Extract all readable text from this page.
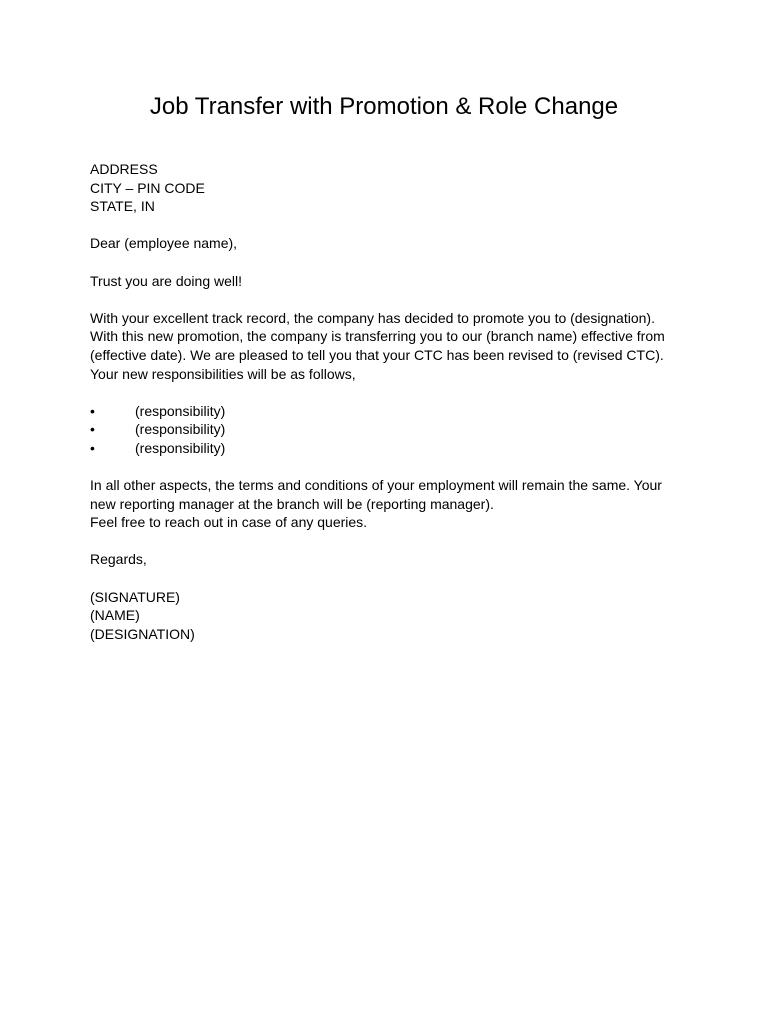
Job Transfer with Promotion & Role Change
ADDRESS
CITY – PIN CODE
STATE, IN
Dear (employee name),
Trust you are doing well!
With your excellent track record, the company has decided to promote you to (designation).
With this new promotion, the company is transferring you to our (branch name) effective from
(effective date). We are pleased to tell you that your CTC has been revised to (revised CTC).
Your new responsibilities will be as follows,
•	(responsibility)
•	(responsibility)
•	(responsibility)
In all other aspects, the terms and conditions of your employment will remain the same. Your
new reporting manager at the branch will be (reporting manager).
Feel free to reach out in case of any queries.
Regards,
(SIGNATURE)
(NAME)
(DESIGNATION)
